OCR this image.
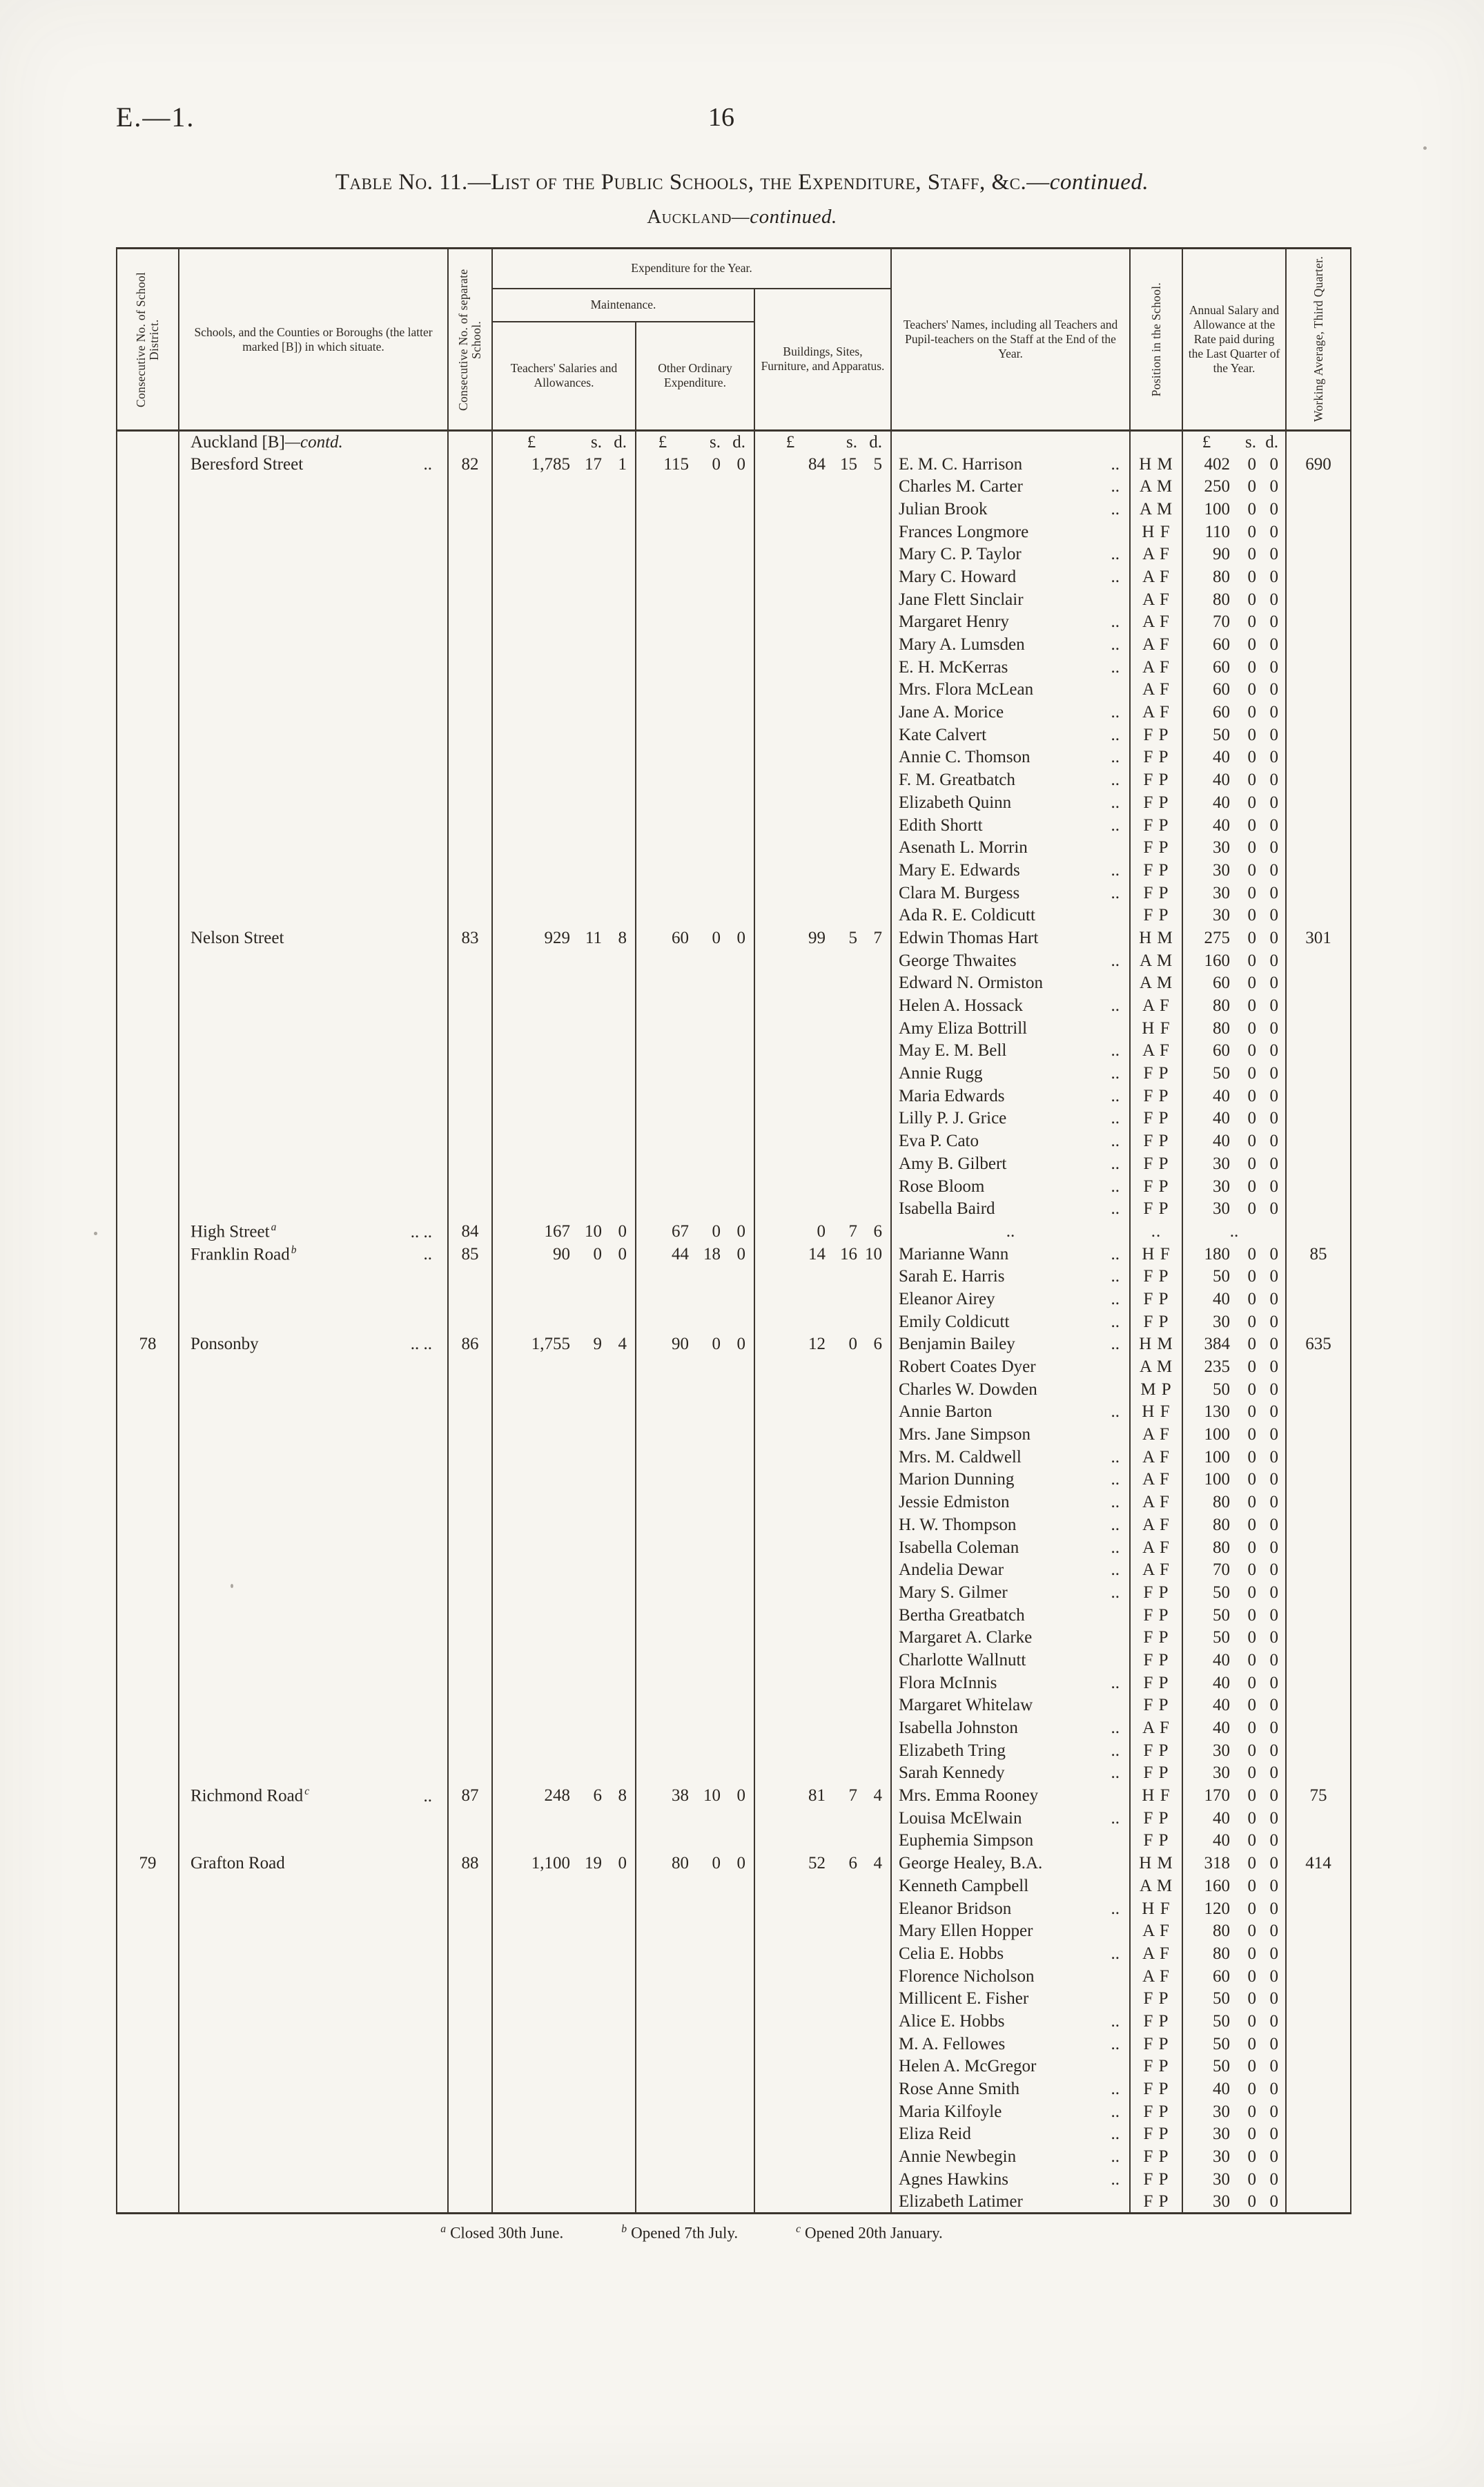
E.—1.	16
Table No. 11.—List of the Public Schools, the Expenditure, Staff, &c.—continued.
Auckland—continued.
Consecutive No. of School District.	Schools, and the Counties or Boroughs (the latter marked [B]) in which situate.	Consecutive No. of separate School.	Expenditure for the Year.			Teachers' Names, including all Teachers and Pupil-teachers on the Staff at the End of the Year.	Position in the School.	Annual Salary and Allowance at the Rate paid during the Last Quarter of the Year.	Working Average, Third Quarter.

			Maintenance.		Buildings, Sites, Furniture, and Apparatus.				

			Teachers' Salaries and Allowances.	Other Ordinary Expenditure.					

	Auckland [B]—contd.		£ s. d.	£ s. d.	£ s. d.			£ s. d.	

	Beresford Street ..	82	1,785 17 1	115 0 0	84 15 5	E. M. C. Harrison ..	H M	402 0 0	690

						Charles M. Carter ..	A M	250 0 0	

						Julian Brook ..	A M	100 0 0	

						Frances Longmore	H F	110 0 0	

						Mary C. P. Taylor ..	A F	90 0 0	

						Mary C. Howard ..	A F	80 0 0	

						Jane Flett Sinclair	A F	80 0 0	

						Margaret Henry ..	A F	70 0 0	

						Mary A. Lumsden ..	A F	60 0 0	

						E. H. McKerras ..	A F	60 0 0	

						Mrs. Flora McLean	A F	60 0 0	

						Jane A. Morice ..	A F	60 0 0	

						Kate Calvert ..	F P	50 0 0	

						Annie C. Thomson ..	F P	40 0 0	

						F. M. Greatbatch ..	F P	40 0 0	

						Elizabeth Quinn ..	F P	40 0 0	

						Edith Shortt ..	F P	40 0 0	

						Asenath L. Morrin	F P	30 0 0	

						Mary E. Edwards ..	F P	30 0 0	

						Clara M. Burgess ..	F P	30 0 0	

						Ada R. E. Coldicutt	F P	30 0 0	

	Nelson Street	83	929 11 8	60 0 0	99 5 7	Edwin Thomas Hart	H M	275 0 0	301

						George Thwaites ..	A M	160 0 0	

						Edward N. Ormiston	A M	60 0 0	

						Helen A. Hossack ..	A F	80 0 0	

						Amy Eliza Bottrill	H F	80 0 0	

						May E. M. Bell ..	A F	60 0 0	

						Annie Rugg ..	F P	50 0 0	

						Maria Edwards ..	F P	40 0 0	

						Lilly P. J. Grice ..	F P	40 0 0	

						Eva P. Cato ..	F P	40 0 0	

						Amy B. Gilbert ..	F P	30 0 0	

						Rose Bloom ..	F P	30 0 0	

						Isabella Baird ..	F P	30 0 0	

	High Street $^a$ .. ..	84	167 10 0	67 0 0	0 7 6	..	..	..	

	Franklin Road $^b$ ..	85	90 0 0	44 18 0	14 16 10	Marianne Wann ..	H F	180 0 0	85

						Sarah E. Harris ..	F P	50 0 0	

						Eleanor Airey ..	F P	40 0 0	

						Emily Coldicutt ..	F P	30 0 0	

78	Ponsonby .. ..	86	1,755 9 4	90 0 0	12 0 6	Benjamin Bailey ..	H M	384 0 0	635

						Robert Coates Dyer	A M	235 0 0	

						Charles W. Dowden	M P	50 0 0	

						Annie Barton ..	H F	130 0 0	

						Mrs. Jane Simpson	A F	100 0 0	

						Mrs. M. Caldwell ..	A F	100 0 0	

						Marion Dunning ..	A F	100 0 0	

						Jessie Edmiston ..	A F	80 0 0	

						H. W. Thompson ..	A F	80 0 0	

						Isabella Coleman ..	A F	80 0 0	

						Andelia Dewar ..	A F	70 0 0	

						Mary S. Gilmer ..	F P	50 0 0	

						Bertha Greatbatch	F P	50 0 0	

						Margaret A. Clarke	F P	50 0 0	

						Charlotte Wallnutt	F P	40 0 0	

						Flora McInnis ..	F P	40 0 0	

						Margaret Whitelaw	F P	40 0 0	

						Isabella Johnston ..	A F	40 0 0	

						Elizabeth Tring ..	F P	30 0 0	

						Sarah Kennedy ..	F P	30 0 0	

	Richmond Road $^c$ ..	87	248 6 8	38 10 0	81 7 4	Mrs. Emma Rooney	H F	170 0 0	75

						Louisa McElwain ..	F P	40 0 0	

						Euphemia Simpson	F P	40 0 0	

79	Grafton Road	88	1,100 19 0	80 0 0	52 6 4	George Healey, B.A.	H M	318 0 0	414

						Kenneth Campbell	A M	160 0 0	

						Eleanor Bridson ..	H F	120 0 0	

						Mary Ellen Hopper	A F	80 0 0	

						Celia E. Hobbs ..	A F	80 0 0	

						Florence Nicholson	A F	60 0 0	

						Millicent E. Fisher	F P	50 0 0	

						Alice E. Hobbs ..	F P	50 0 0	

						M. A. Fellowes ..	F P	50 0 0	

						Helen A. McGregor	F P	50 0 0	

						Rose Anne Smith ..	F P	40 0 0	

						Maria Kilfoyle ..	F P	30 0 0	

						Eliza Reid ..	F P	30 0 0	

						Annie Newbegin ..	F P	30 0 0	

						Agnes Hawkins ..	F P	30 0 0	

						Elizabeth Latimer	F P	30 0 0	

$^a$ Closed 30th June.	$^b$ Opened 7th July.	$^c$ Opened 20th January.
